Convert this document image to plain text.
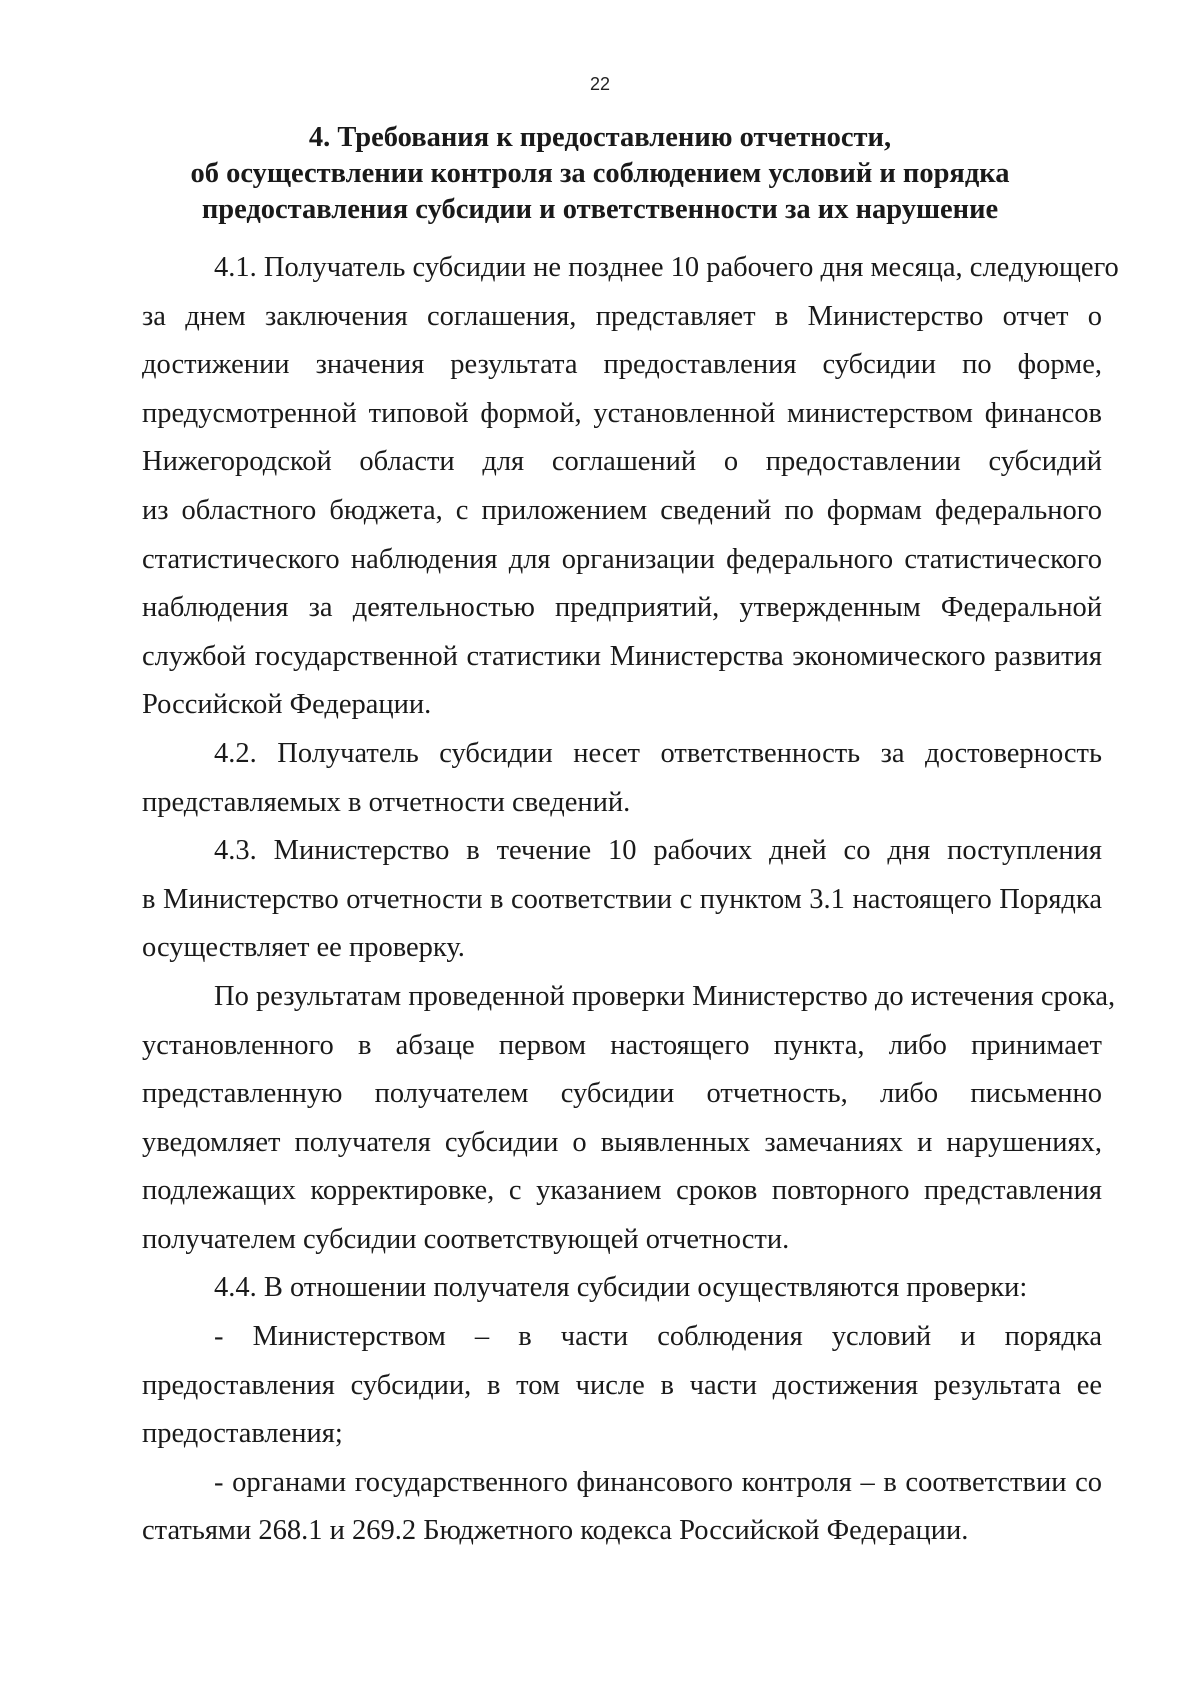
22
4. Требования к предоставлению отчетности,
об осуществлении контроля за соблюдением условий и порядка
предоставления субсидии и ответственности за их нарушение
4.1. Получатель субсидии не позднее 10 рабочего дня месяца, следующего
за днем заключения соглашения, представляет в Министерство отчет о
достижении значения результата предоставления субсидии по форме,
предусмотренной типовой формой, установленной министерством финансов
Нижегородской области для соглашений о предоставлении субсидий
из областного бюджета, с приложением сведений по формам федерального
статистического наблюдения для организации федерального статистического
наблюдения за деятельностью предприятий, утвержденным Федеральной
службой государственной статистики Министерства экономического развития
Российской Федерации.
4.2. Получатель субсидии несет ответственность за достоверность
представляемых в отчетности сведений.
4.3. Министерство в течение 10 рабочих дней со дня поступления
в Министерство отчетности в соответствии с пунктом 3.1 настоящего Порядка
осуществляет ее проверку.
По результатам проведенной проверки Министерство до истечения срока,
установленного в абзаце первом настоящего пункта, либо принимает
представленную получателем субсидии отчетность, либо письменно
уведомляет получателя субсидии о выявленных замечаниях и нарушениях,
подлежащих корректировке, с указанием сроков повторного представления
получателем субсидии соответствующей отчетности.
4.4. В отношении получателя субсидии осуществляются проверки:
- Министерством – в части соблюдения условий и порядка
предоставления субсидии, в том числе в части достижения результата ее
предоставления;
- органами государственного финансового контроля – в соответствии со
статьями 268.1 и 269.2 Бюджетного кодекса Российской Федерации.
